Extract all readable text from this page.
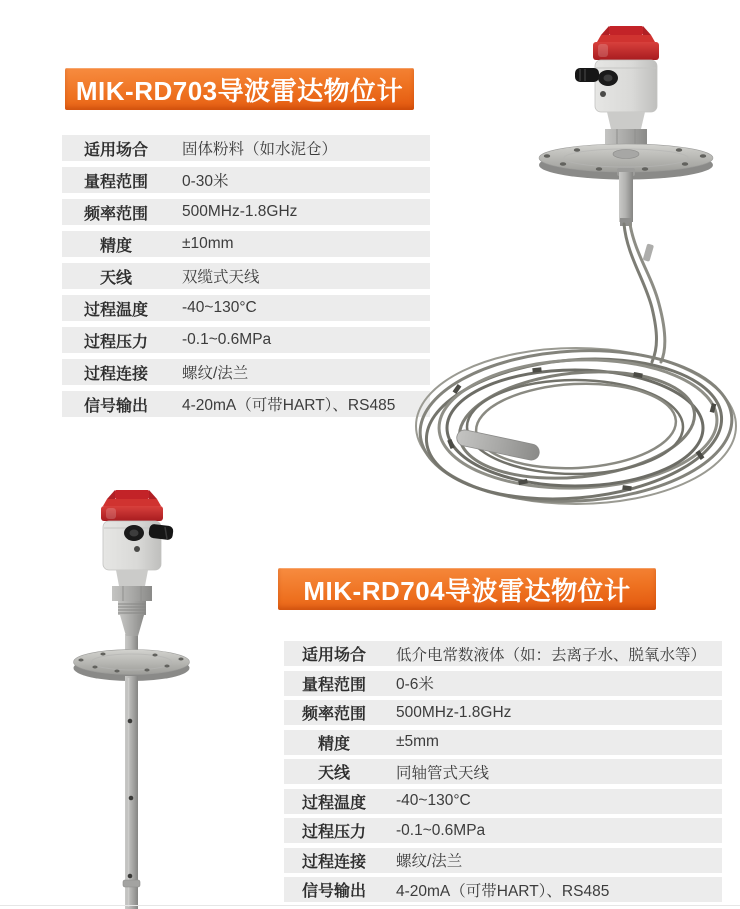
MIK-RD703导波雷达物位计
适用场合	固体粉料（如水泥仓）
量程范围	0-30米
频率范围	500MHz-1.8GHz
精度	±10mm
天线	双缆式天线
过程温度	-40~130°C
过程压力	-0.1~0.6MPa
过程连接	螺纹/法兰
信号输出	4-20mA（可带HART）、RS485
MIK-RD704导波雷达物位计
适用场合	低介电常数液体（如：去离子水、脱氧水等）
量程范围	0-6米
频率范围	500MHz-1.8GHz
精度	±5mm
天线	同轴管式天线
过程温度	-40~130°C
过程压力	-0.1~0.6MPa
过程连接	螺纹/法兰
信号输出	4-20mA（可带HART）、RS485
